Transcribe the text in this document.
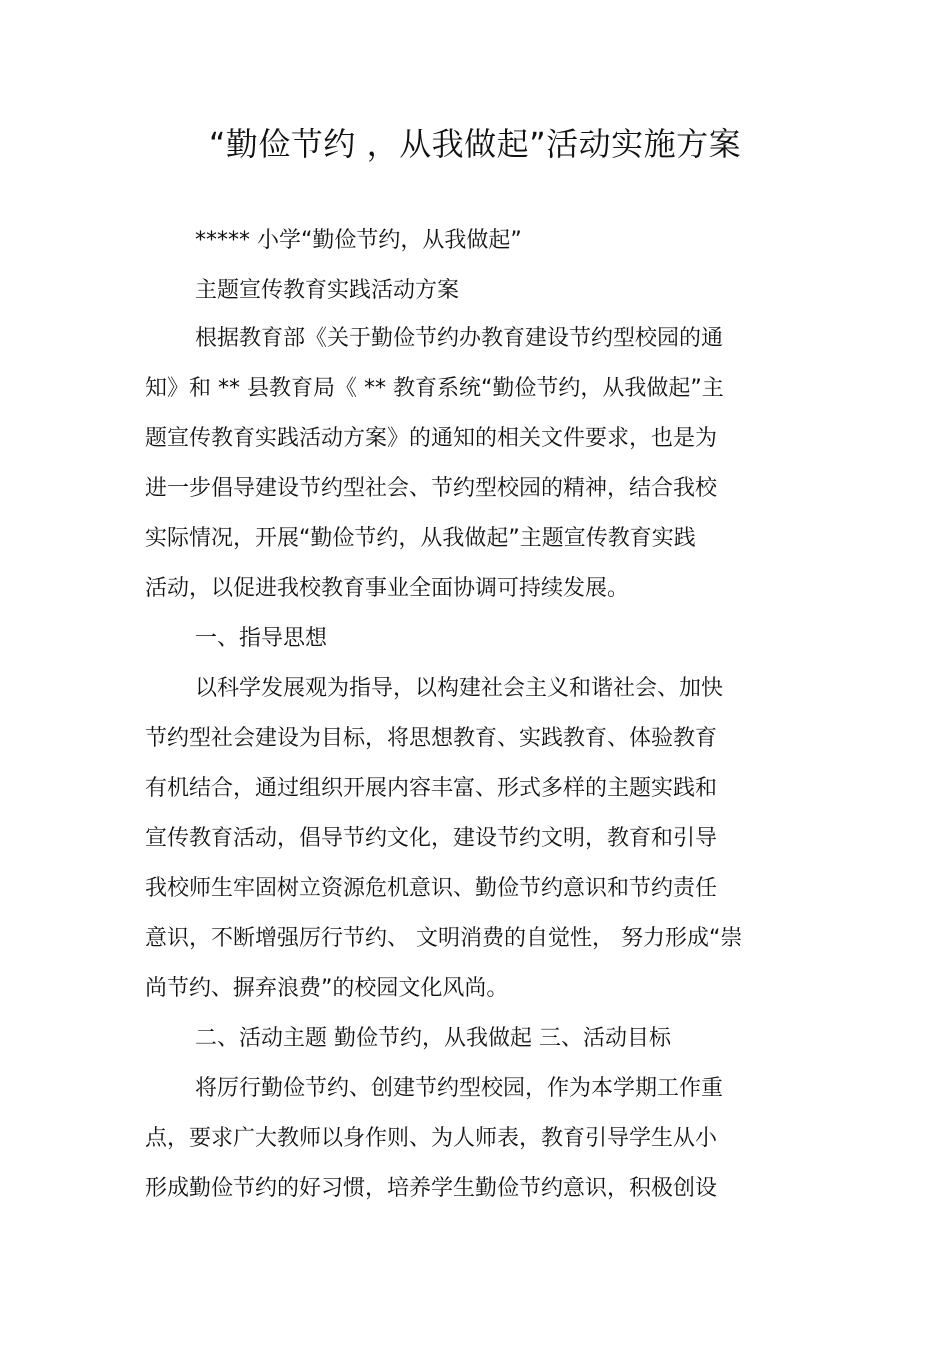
“勤俭节约 ，从我做起”活动实施方案
***** 小学“勤俭节约，从我做起”
主题宣传教育实践活动方案
根据教育部《关于勤俭节约办教育建设节约型校园的通
知》和 ** 县教育局《 ** 教育系统“勤俭节约，从我做起”主
题宣传教育实践活动方案》的通知的相关文件要求，也是为
进一步倡导建设节约型社会、节约型校园的精神，结合我校
实际情况，开展“勤俭节约，从我做起”主题宣传教育实践
活动，以促进我校教育事业全面协调可持续发展。
一、指导思想
以科学发展观为指导，以构建社会主义和谐社会、加快
节约型社会建设为目标，将思想教育、实践教育、体验教育
有机结合，通过组织开展内容丰富、形式多样的主题实践和
宣传教育活动，倡导节约文化，建设节约文明，教育和引导
我校师生牢固树立资源危机意识、勤俭节约意识和节约责任
意识，不断增强厉行节约、 文明消费的自觉性， 努力形成“崇
尚节约、摒弃浪费”的校园文化风尚。
二、活动主题 勤俭节约，从我做起 三、活动目标
将厉行勤俭节约、创建节约型校园，作为本学期工作重
点，要求广大教师以身作则、为人师表，教育引导学生从小
形成勤俭节约的好习惯，培养学生勤俭节约意识，积极创设
